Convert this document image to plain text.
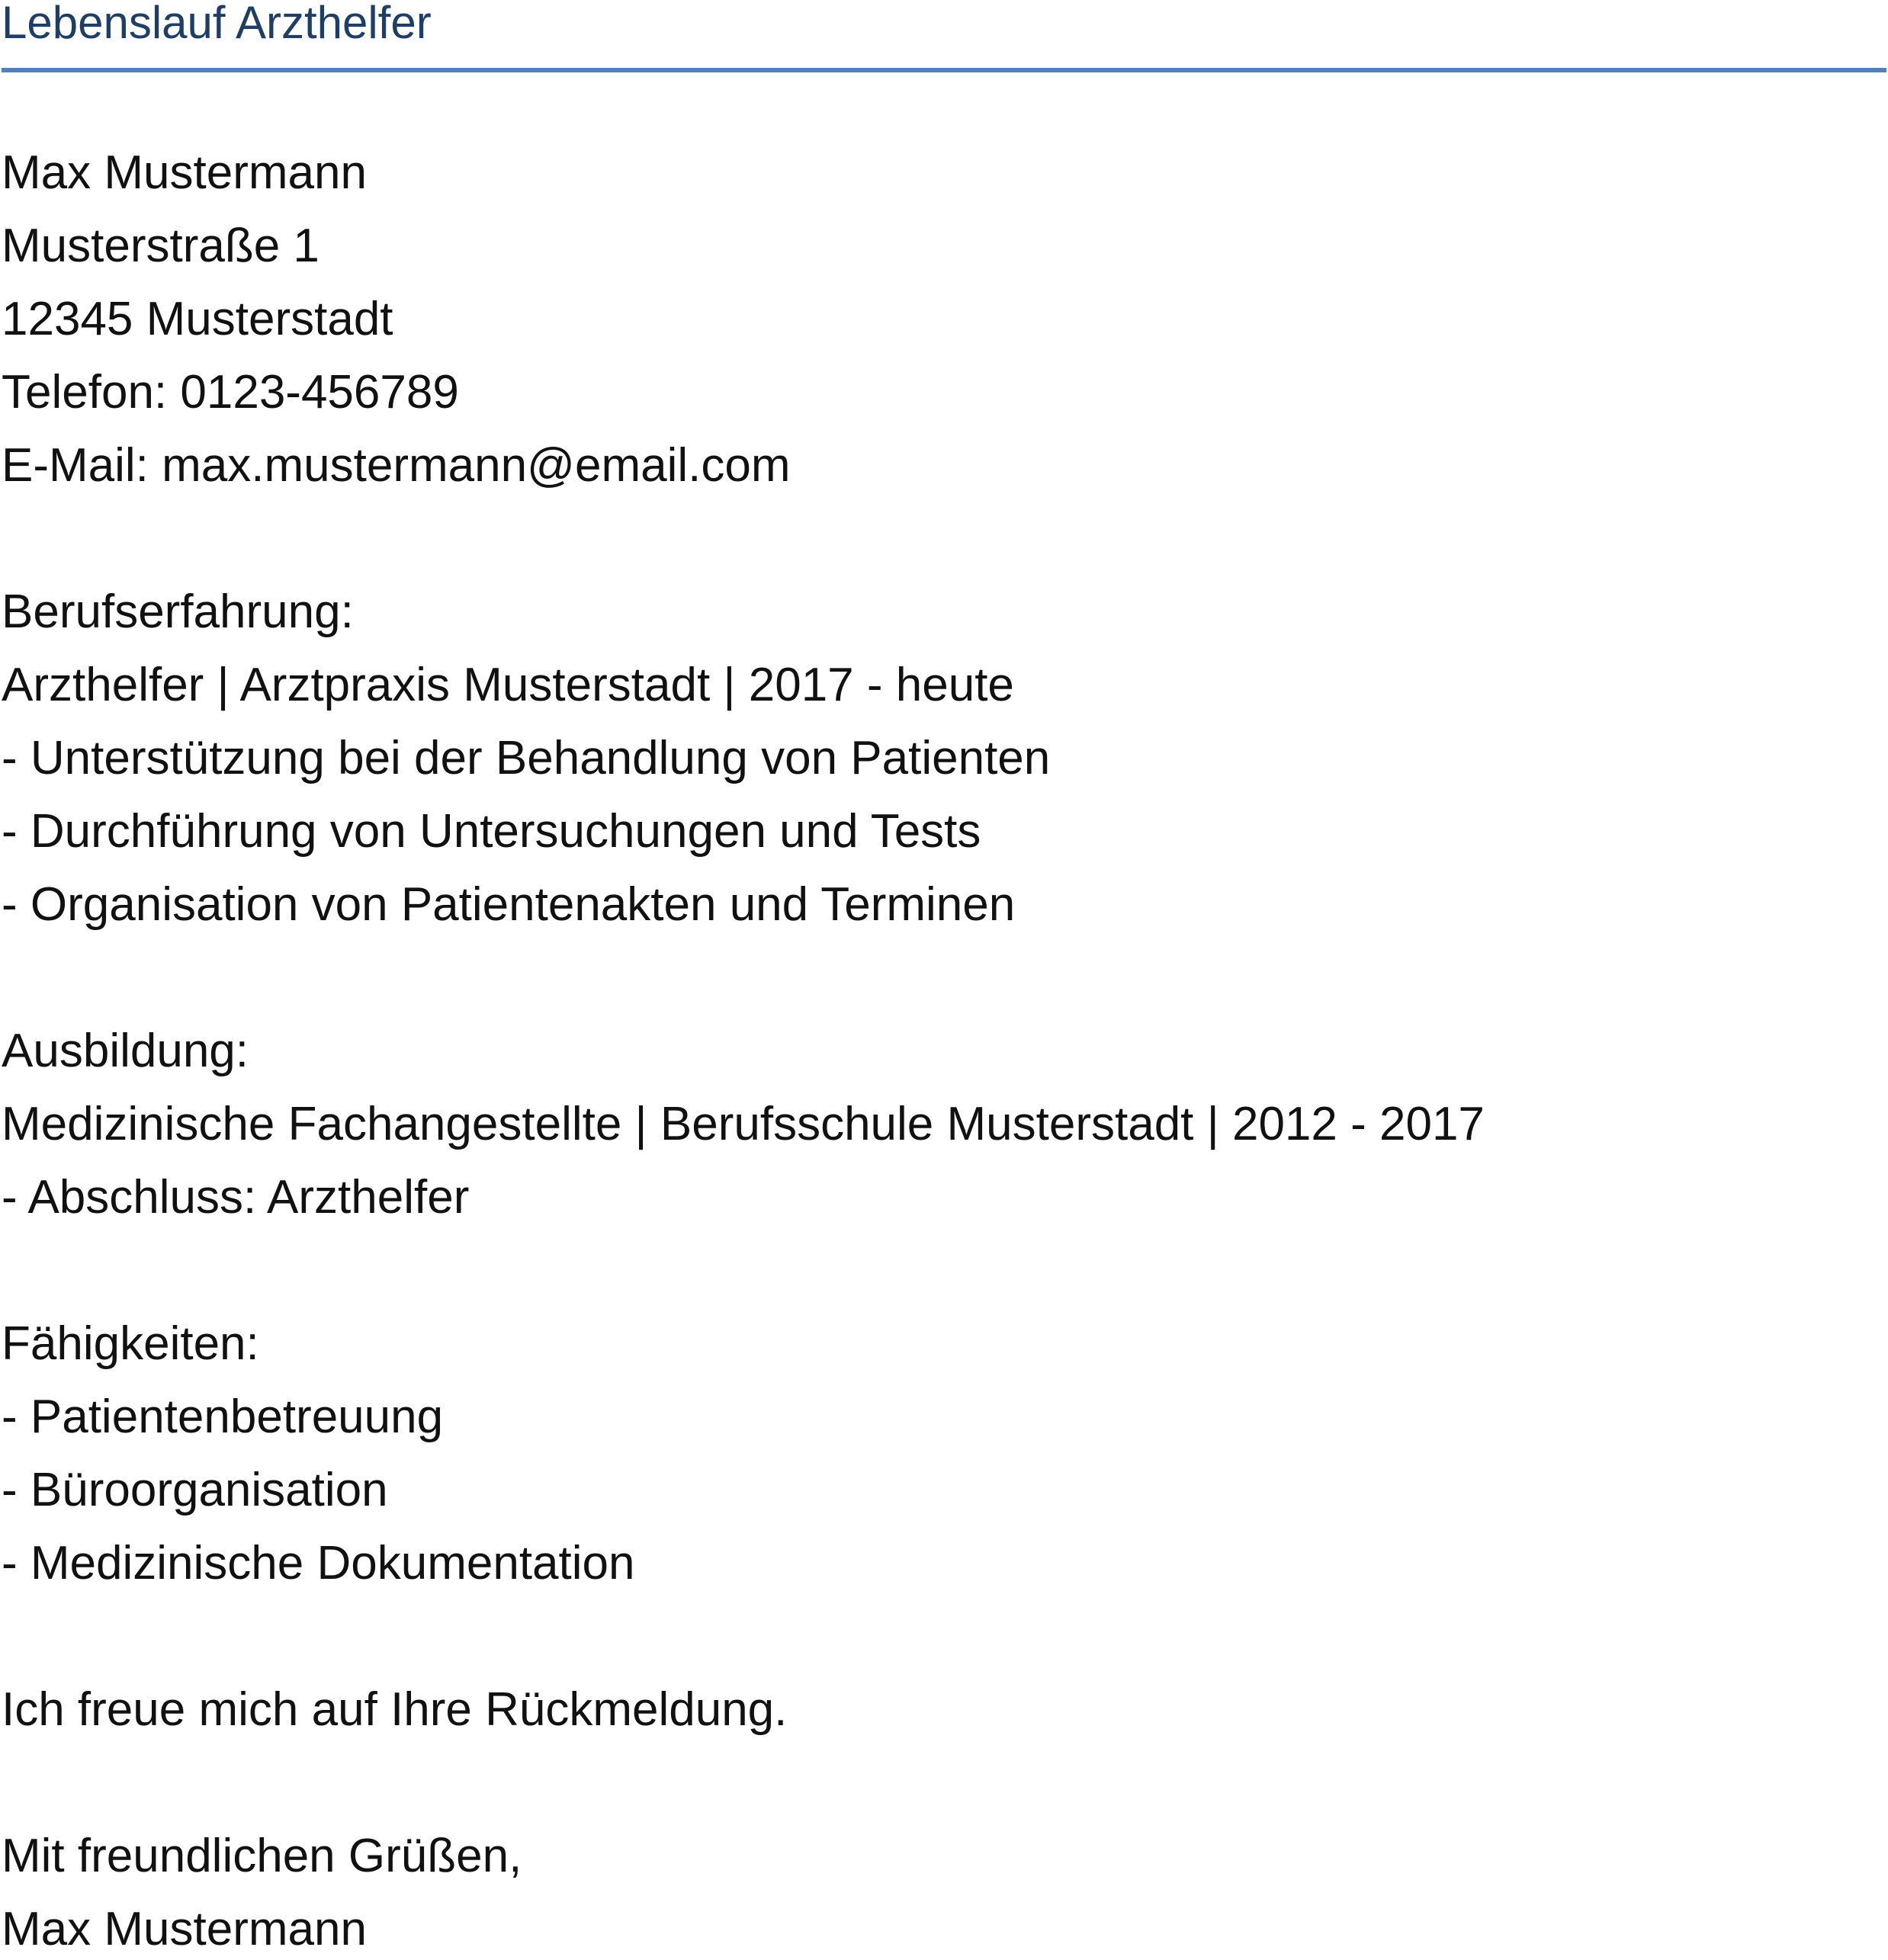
Lebenslauf Arzthelfer
Max Mustermann
Musterstraße 1
12345 Musterstadt
Telefon: 0123-456789
E-Mail: max.mustermann@email.com
Berufserfahrung:
Arzthelfer | Arztpraxis Musterstadt | 2017 - heute
- Unterstützung bei der Behandlung von Patienten
- Durchführung von Untersuchungen und Tests
- Organisation von Patientenakten und Terminen
Ausbildung:
Medizinische Fachangestellte | Berufsschule Musterstadt | 2012 - 2017
- Abschluss: Arzthelfer
Fähigkeiten:
- Patientenbetreuung
- Büroorganisation
- Medizinische Dokumentation
Ich freue mich auf Ihre Rückmeldung.
Mit freundlichen Grüßen,
Max Mustermann
